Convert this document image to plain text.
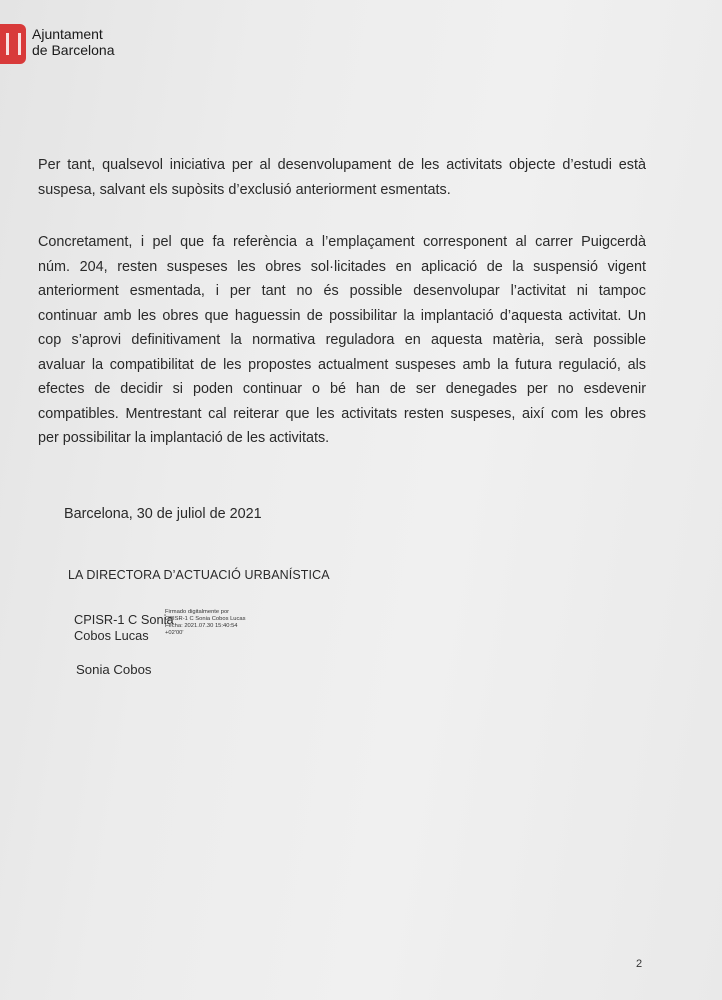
Ajuntament
de Barcelona
Per tant, qualsevol iniciativa per al desenvolupament de les activitats objecte d’estudi està
suspesa, salvant els supòsits d’exclusió anteriorment esmentats.
Concretament, i pel que fa referència a l’emplaçament corresponent al carrer Puigcerdà
núm. 204, resten suspeses les obres sol·licitades en aplicació de la suspensió vigent
anteriorment esmentada, i per tant no és possible desenvolupar l’activitat ni tampoc
continuar amb les obres que haguessin de possibilitar la implantació d’aquesta activitat. Un
cop s’aprovi definitivament la normativa reguladora en aquesta matèria, serà possible
avaluar la compatibilitat de les propostes actualment suspeses amb la futura regulació, als
efectes de decidir si poden continuar o bé han de ser denegades per no esdevenir
compatibles. Mentrestant cal reiterar que les activitats resten suspeses, així com les obres
per possibilitar la implantació de les activitats.
Barcelona, 30 de juliol de 2021
LA DIRECTORA D’ACTUACIÓ URBANÍSTICA
CPISR-1 C Sonia
Cobos Lucas
Firmado digitalmente por
CPISR-1 C Sonia Cobos Lucas
Fecha: 2021.07.30 15:40:54
+02'00'
Sonia Cobos
2
